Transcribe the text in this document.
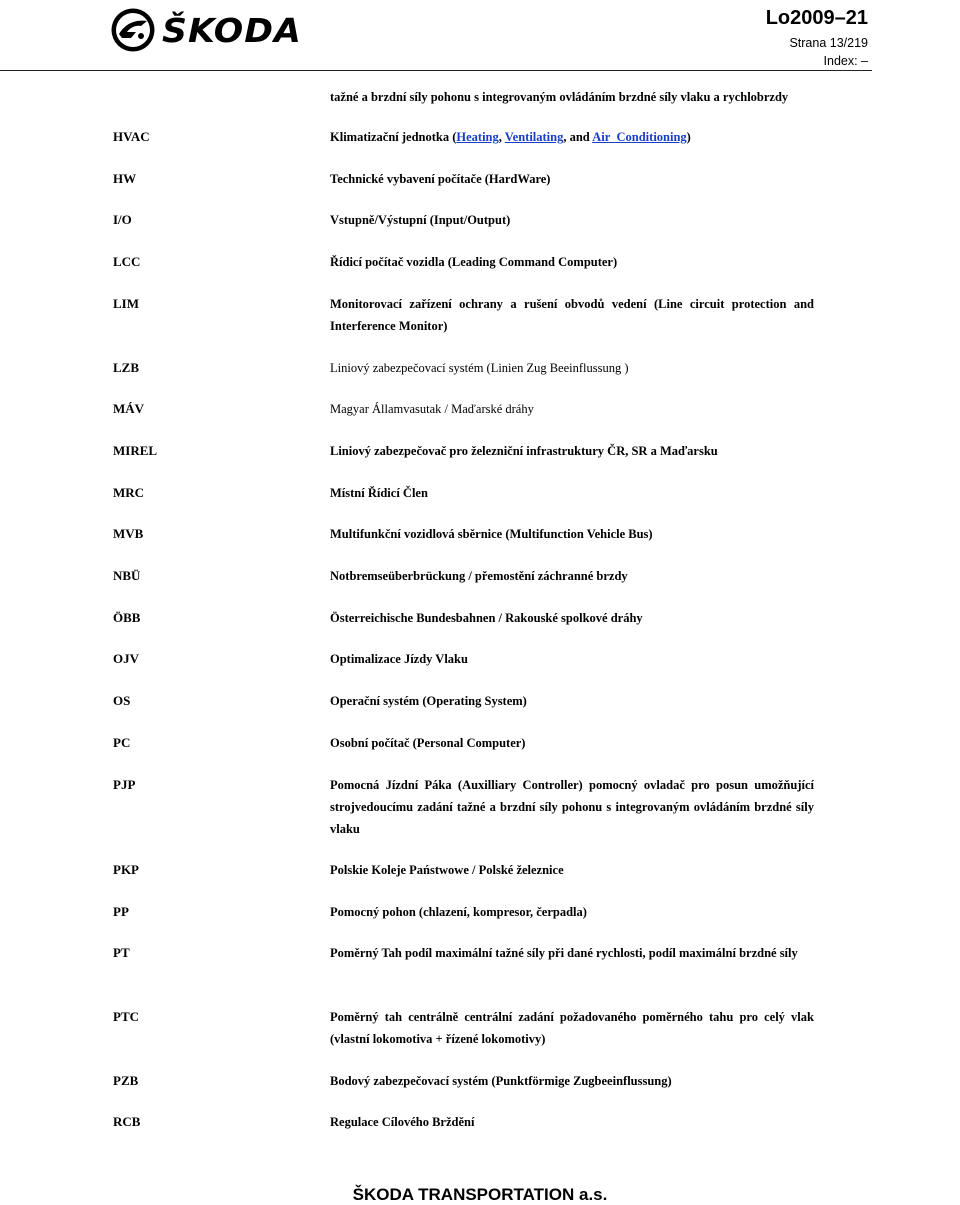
ŠKODA	Lo2009–21
Strana 13/219
Index: –
tažné a brzdní síly pohonu s integrovaným ovládáním brzdné síly vlaku a rychlobrzdy
HVAC	Klimatizační jednotka (Heating, Ventilating, and Air_Conditioning)
HW	Technické vybavení počítače (HardWare)
I/O	Vstupně/Výstupní (Input/Output)
LCC	Řídicí počítač vozidla (Leading Command Computer)
LIM	Monitorovací zařízení ochrany a rušení obvodů vedení (Line circuit protection and Interference Monitor)
LZB	Liniový zabezpečovací systém (Linien Zug Beeinflussung )
MÁV	Magyar Államvasutak / Maďarské dráhy
MIREL	Liniový zabezpečovač pro železniční infrastruktury ČR, SR a Maďarsku
MRC	Místní Řídicí Člen
MVB	Multifunkční vozidlová sběrnice (Multifunction Vehicle Bus)
NBÜ	Notbremseübеrbrückung / přemostění záchranné brzdy
ÖBB	Österreichische Bundesbahnen / Rakouské spolkové dráhy
OJV	Optimalizace Jízdy Vlaku
OS	Operační systém (Operating System)
PC	Osobní počítač (Personal Computer)
PJP	Pomocná Jízdní Páka (Auxilliary Controller) pomocný ovladač pro posun umožňující strojvedoucímu zadání tažné a brzdní síly pohonu s integrovaným ovládáním brzdné síly vlaku
PKP	Polskie Koleje Państwowe / Polské železnice
PP	Pomocný pohon (chlazení, kompresor, čerpadla)
PT	Poměrný Tah podíl maximální tažné síly při dané rychlosti, podíl maximální brzdné síly
PTC	Poměrný tah centrálně centrální zadání požadovaného poměrného tahu pro celý vlak (vlastní lokomotiva + řízené lokomotivy)
PZB	Bodový zabezpečovací systém (Punktförmige Zugbeeinflussung)
RCB	Regulace Cílového Brždění
ŠKODA TRANSPORTATION a.s.
